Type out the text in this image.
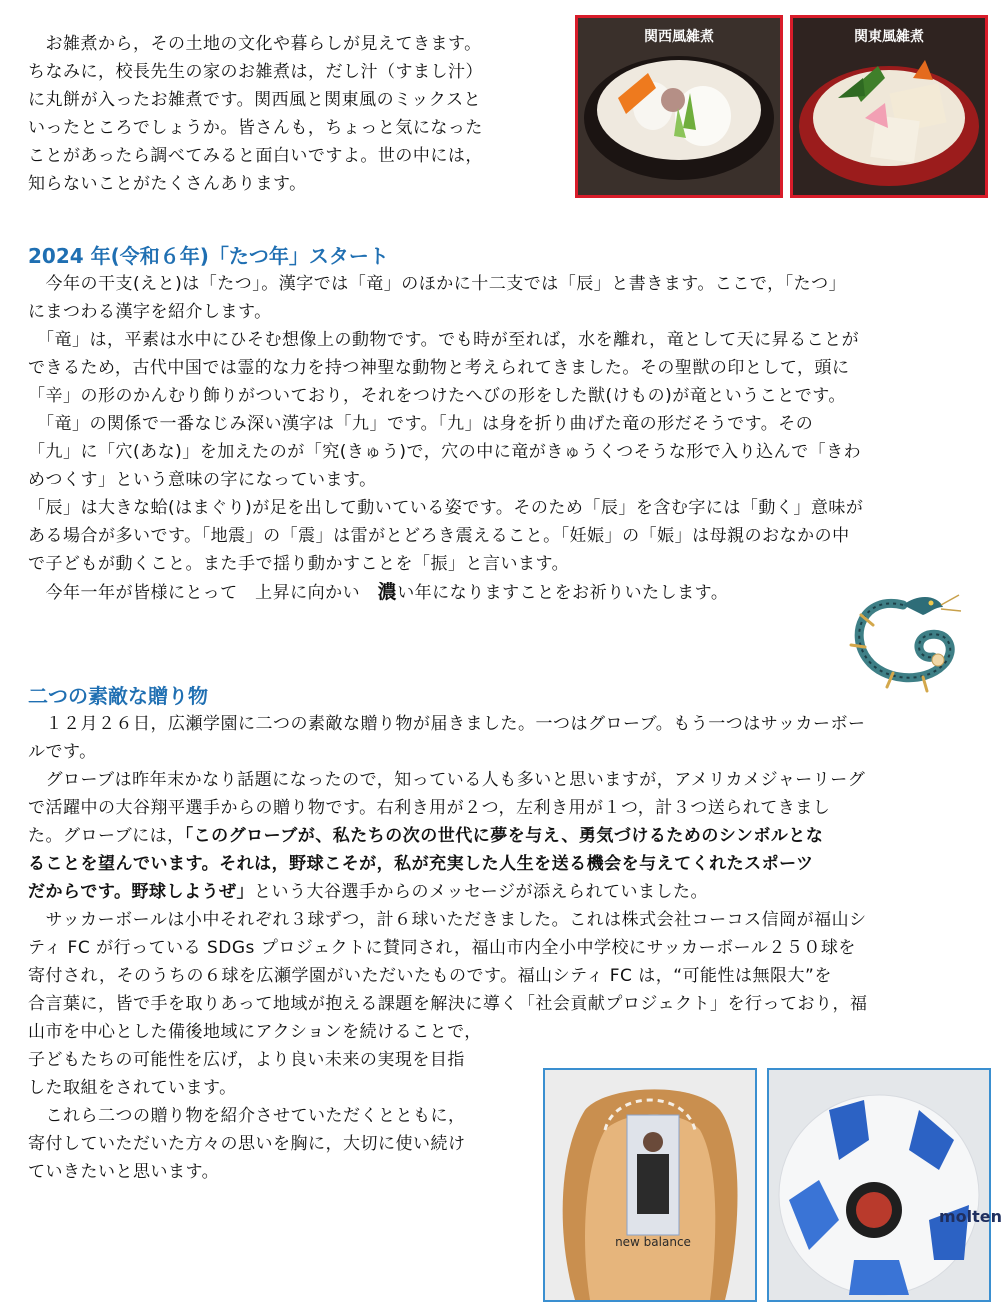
　お雑煮から，その土地の文化や暮らしが見えてきます。
ちなみに，校長先生の家のお雑煮は，だし汁（すまし汁）
に丸餅が入ったお雑煮です。関西風と関東風のミックスと
いったところでしょうか。皆さんも，ちょっと気になった
ことがあったら調べてみると面白いですよ。世の中には，
知らないことがたくさんあります。
関西風雑煮	関東風雑煮
2024 年(令和６年)「たつ年」スタート
　今年の干支(えと)は「たつ」。漢字では「竜」のほかに十二支では「辰」と書きます。ここで，「たつ」
にまつわる漢字を紹介します。
　「竜」は，平素は水中にひそむ想像上の動物です。でも時が至れば，水を離れ，竜として天に昇ることが
できるため，古代中国では霊的な力を持つ神聖な動物と考えられてきました。その聖獣の印として，頭に
「辛」の形のかんむり飾りがついており，それをつけたへびの形をした獣(けもの)が竜ということです。
　「竜」の関係で一番なじみ深い漢字は「九」です。「九」は身を折り曲げた竜の形だそうです。その
「九」に「穴(あな)」を加えたのが「究(きゅう)で，穴の中に竜がきゅうくつそうな形で入り込んで「きわ
めつくす」という意味の字になっています。
「辰」は大きな蛤(はまぐり)が足を出して動いている姿です。そのため「辰」を含む字には「動く」意味が
ある場合が多いです。「地震」の「震」は雷がとどろき震えること。「妊娠」の「娠」は母親のおなかの中
で子どもが動くこと。また手で揺り動かすことを「振」と言います。
　今年一年が皆様にとって　上昇に向かい　濃い年になりますことをお祈りいたします。
二つの素敵な贈り物
　１２月２６日，広瀬学園に二つの素敵な贈り物が届きました。一つはグローブ。もう一つはサッカーボー
ルです。
　グローブは昨年末かなり話題になったので，知っている人も多いと思いますが，アメリカメジャーリーグ
で活躍中の大谷翔平選手からの贈り物です。右利き用が２つ，左利き用が１つ，計３つ送られてきまし
た。グローブには，「このグローブが、私たちの次の世代に夢を与え、勇気づけるためのシンボルとな
ることを望んでいます。それは，野球こそが，私が充実した人生を送る機会を与えてくれたスポーツ
だからです。野球しようぜ」という大谷選手からのメッセージが添えられていました。
　サッカーボールは小中それぞれ３球ずつ，計６球いただきました。これは株式会社コーコス信岡が福山シ
ティ FC が行っている SDGs プロジェクトに賛同され，福山市内全小中学校にサッカーボール２５０球を
寄付され，そのうちの６球を広瀬学園がいただいたものです。福山シティ FC は，“可能性は無限大”を
合言葉に，皆で手を取りあって地域が抱える課題を解決に導く「社会貢献プロジェクト」を行っており，福
山市を中心とした備後地域にアクションを続けることで，
子どもたちの可能性を広げ，より良い未来の実現を目指
した取組をされています。
　これら二つの贈り物を紹介させていただくとともに，
寄付していただいた方々の思いを胸に，大切に使い続け
ていきたいと思います。
new balance
molten
